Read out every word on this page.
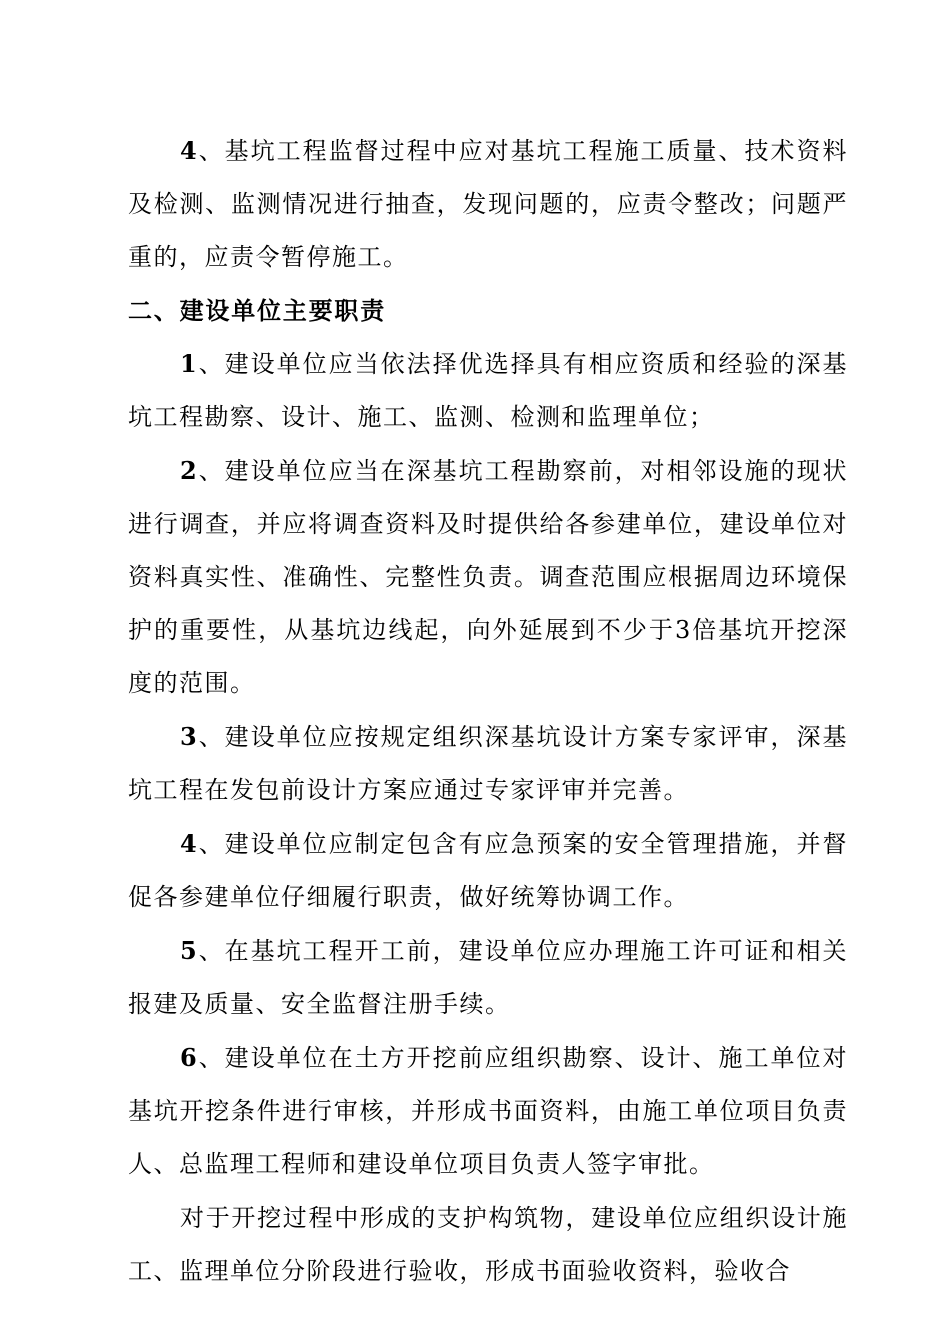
4、基坑工程监督过程中应对基坑工程施工质量、技术资料及检测、监测情况进行抽查，发现问题的，应责令整改；问题严重的，应责令暂停施工。

二、建设单位主要职责

1、建设单位应当依法择优选择具有相应资质和经验的深基坑工程勘察、设计、施工、监测、检测和监理单位；

2、建设单位应当在深基坑工程勘察前，对相邻设施的现状进行调查，并应将调查资料及时提供给各参建单位，建设单位对资料真实性、准确性、完整性负责。调查范围应根据周边环境保护的重要性，从基坑边线起，向外延展到不少于3倍基坑开挖深度的范围。

3、建设单位应按规定组织深基坑设计方案专家评审，深基坑工程在发包前设计方案应通过专家评审并完善。

4、建设单位应制定包含有应急预案的安全管理措施，并督促各参建单位仔细履行职责，做好统筹协调工作。

5、在基坑工程开工前，建设单位应办理施工许可证和相关报建及质量、安全监督注册手续。

6、建设单位在土方开挖前应组织勘察、设计、施工单位对基坑开挖条件进行审核，并形成书面资料，由施工单位项目负责人、总监理工程师和建设单位项目负责人签字审批。

对于开挖过程中形成的支护构筑物，建设单位应组织设计施工、监理单位分阶段进行验收，形成书面验收资料，验收合
